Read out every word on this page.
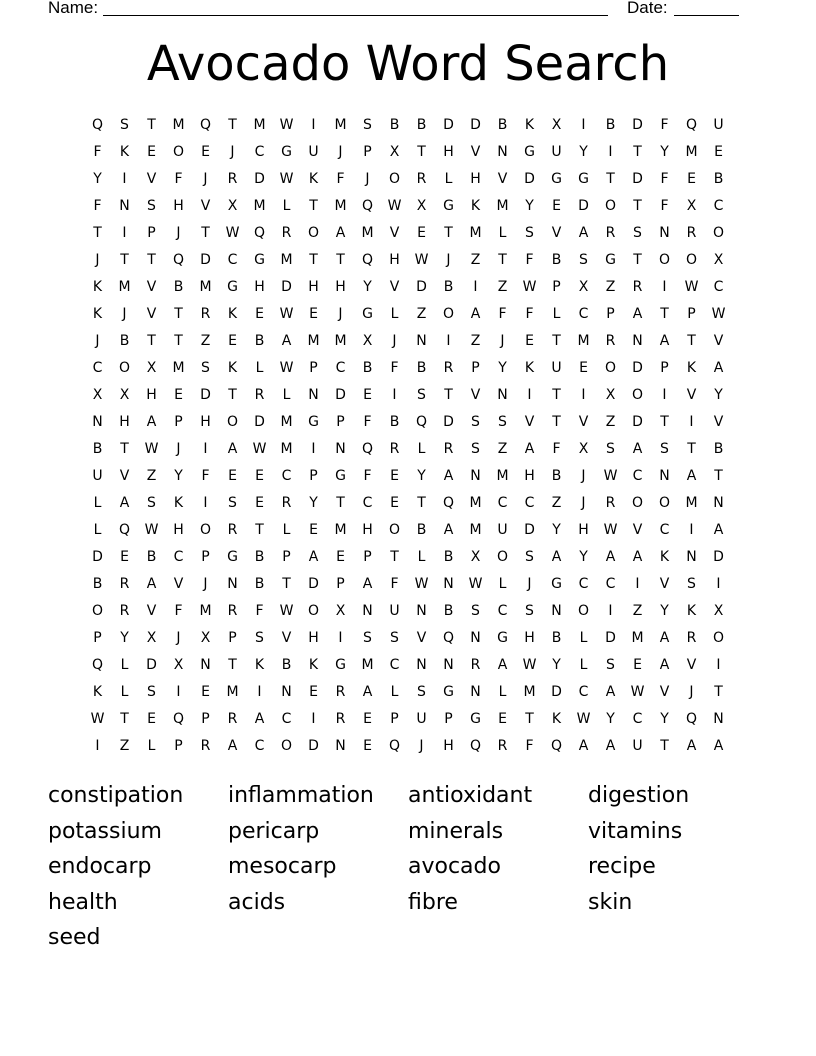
Name:	Date:
Avocado Word Search
Q	S	T	M	Q	T	M	W	I	M	S	B	B	D	D	B	K	X	I	B	D	F	Q	U
F	K	E	O	E	J	C	G	U	J	P	X	T	H	V	N	G	U	Y	I	T	Y	M	E
Y	I	V	F	J	R	D	W	K	F	J	O	R	L	H	V	D	G	G	T	D	F	E	B
F	N	S	H	V	X	M	L	T	M	Q	W	X	G	K	M	Y	E	D	O	T	F	X	C
T	I	P	J	T	W	Q	R	O	A	M	V	E	T	M	L	S	V	A	R	S	N	R	O
J	T	T	Q	D	C	G	M	T	T	Q	H	W	J	Z	T	F	B	S	G	T	O	O	X
K	M	V	B	M	G	H	D	H	H	Y	V	D	B	I	Z	W	P	X	Z	R	I	W	C
K	J	V	T	R	K	E	W	E	J	G	L	Z	O	A	F	F	L	C	P	A	T	P	W
J	B	T	T	Z	E	B	A	M	M	X	J	N	I	Z	J	E	T	M	R	N	A	T	V
C	O	X	M	S	K	L	W	P	C	B	F	B	R	P	Y	K	U	E	O	D	P	K	A
X	X	H	E	D	T	R	L	N	D	E	I	S	T	V	N	I	T	I	X	O	I	V	Y
N	H	A	P	H	O	D	M	G	P	F	B	Q	D	S	S	V	T	V	Z	D	T	I	V
B	T	W	J	I	A	W	M	I	N	Q	R	L	R	S	Z	A	F	X	S	A	S	T	B
U	V	Z	Y	F	E	E	C	P	G	F	E	Y	A	N	M	H	B	J	W	C	N	A	T
L	A	S	K	I	S	E	R	Y	T	C	E	T	Q	M	C	C	Z	J	R	O	O	M	N
L	Q	W	H	O	R	T	L	E	M	H	O	B	A	M	U	D	Y	H	W	V	C	I	A
D	E	B	C	P	G	B	P	A	E	P	T	L	B	X	O	S	A	Y	A	A	K	N	D
B	R	A	V	J	N	B	T	D	P	A	F	W	N	W	L	J	G	C	C	I	V	S	I
O	R	V	F	M	R	F	W	O	X	N	U	N	B	S	C	S	N	O	I	Z	Y	K	X
P	Y	X	J	X	P	S	V	H	I	S	S	V	Q	N	G	H	B	L	D	M	A	R	O
Q	L	D	X	N	T	K	B	K	G	M	C	N	N	R	A	W	Y	L	S	E	A	V	I
K	L	S	I	E	M	I	N	E	R	A	L	S	G	N	L	M	D	C	A	W	V	J	T
W	T	E	Q	P	R	A	C	I	R	E	P	U	P	G	E	T	K	W	Y	C	Y	Q	N
I	Z	L	P	R	A	C	O	D	N	E	Q	J	H	Q	R	F	Q	A	A	U	T	A	A
constipation	inflammation	antioxidant	digestion
potassium	pericarp	minerals	vitamins
endocarp	mesocarp	avocado	recipe
health	acids	fibre	skin
seed
